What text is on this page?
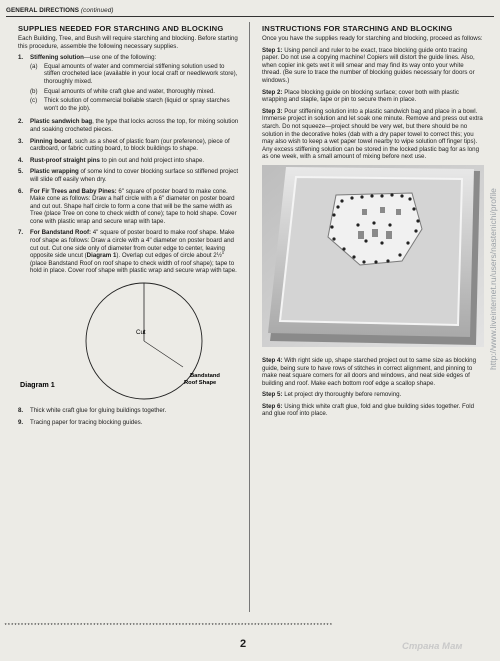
GENERAL DIRECTIONS (continued)
SUPPLIES NEEDED FOR STARCHING AND BLOCKING

Each Building, Tree, and Bush will require starching and blocking. Before starting this procedure, assemble the following necessary supplies.

1.	Stiffening solution—use one of the following:
(a)	Equal amounts of water and commercial stiffening solution used to stiffen crocheted lace (available in your local craft or needlework store), thoroughly mixed.
(b)	Equal amounts of white craft glue and water, thoroughly mixed.
(c)	Thick solution of commercial boilable starch (liquid or spray starches won't do the job).
2.	Plastic sandwich bag, the type that locks across the top, for mixing solution and soaking crocheted pieces.
3.	Pinning board, such as a sheet of plastic foam (our preference), piece of cardboard, or fabric cutting board, to block buildings to shape.
4.	Rust-proof straight pins to pin out and hold project into shape.
5.	Plastic wrapping of some kind to cover blocking surface so stiffened project will slide off easily when dry.
6.	For Fir Trees and Baby Pines: 6" square of poster board to make cone. Make cone as follows: Draw a half circle with a 6" diameter on poster board and cut out. Shape half circle to form a cone that will be the same width as Tree (place Tree on cone to check width of cone); tape to hold shape. Cover cone with plastic wrap and secure wrap with tape.
7.	For Bandstand Roof: 4" square of poster board to make roof shape. Make roof shape as follows: Draw a circle with a 4" diameter on poster board and cut out. Cut one side only of diameter from outer edge to center, leaving opposite side uncut (Diagram 1). Overlap cut edges of circle about 2½" (place Bandstand Roof on roof shape to check width of roof shape); tape to hold in place. Cover roof shape with plastic wrap and secure wrap with tape.
Cut
Diagram 1
Bandstand
Roof Shape
8.	Thick white craft glue for gluing buildings together.
9.	Tracing paper for tracing blocking guides.
INSTRUCTIONS FOR STARCHING AND BLOCKING

Once you have the supplies ready for starching and blocking, proceed as follows:

Step 1: Using pencil and ruler to be exact, trace blocking guide onto tracing paper. Do not use a copying machine! Copiers will distort the guide lines. Also, when copier ink gets wet it will smear and may find its way onto your white thread. (Be sure to trace the number of blocking guides necessary for doors or windows.)

Step 2: Place blocking guide on blocking surface; cover both with plastic wrapping and staple, tape or pin to secure them in place.

Step 3: Pour stiffening solution into a plastic sandwich bag and place in a bowl. Immerse project in solution and let soak one minute. Remove and press out extra starch. Do not squeeze—project should be very wet, but there should be no solution in the decorative holes (dab with a dry paper towel to correct this; you may also wish to keep a wet paper towel nearby to wipe solution off finger tips). Any excess stiffening solution can be stored in the locked plastic bag for as long as one week, with a small amount of mixing before next use.

Step 4: With right side up, shape starched project out to same size as blocking guide, being sure to have rows of stitches in correct alignment, and pinning to make neat square corners for all doors and windows, and neat side edges of building and roof. Make each bottom roof edge a scallop shape.

Step 5: Let project dry thoroughly before removing.

Step 6: Using thick white craft glue, fold and glue building sides together. Fold and glue roof into place.

****************************************************************************************************
2
http://www.liveinternet.ru/users/nastenichi/profile
Страна Мам
